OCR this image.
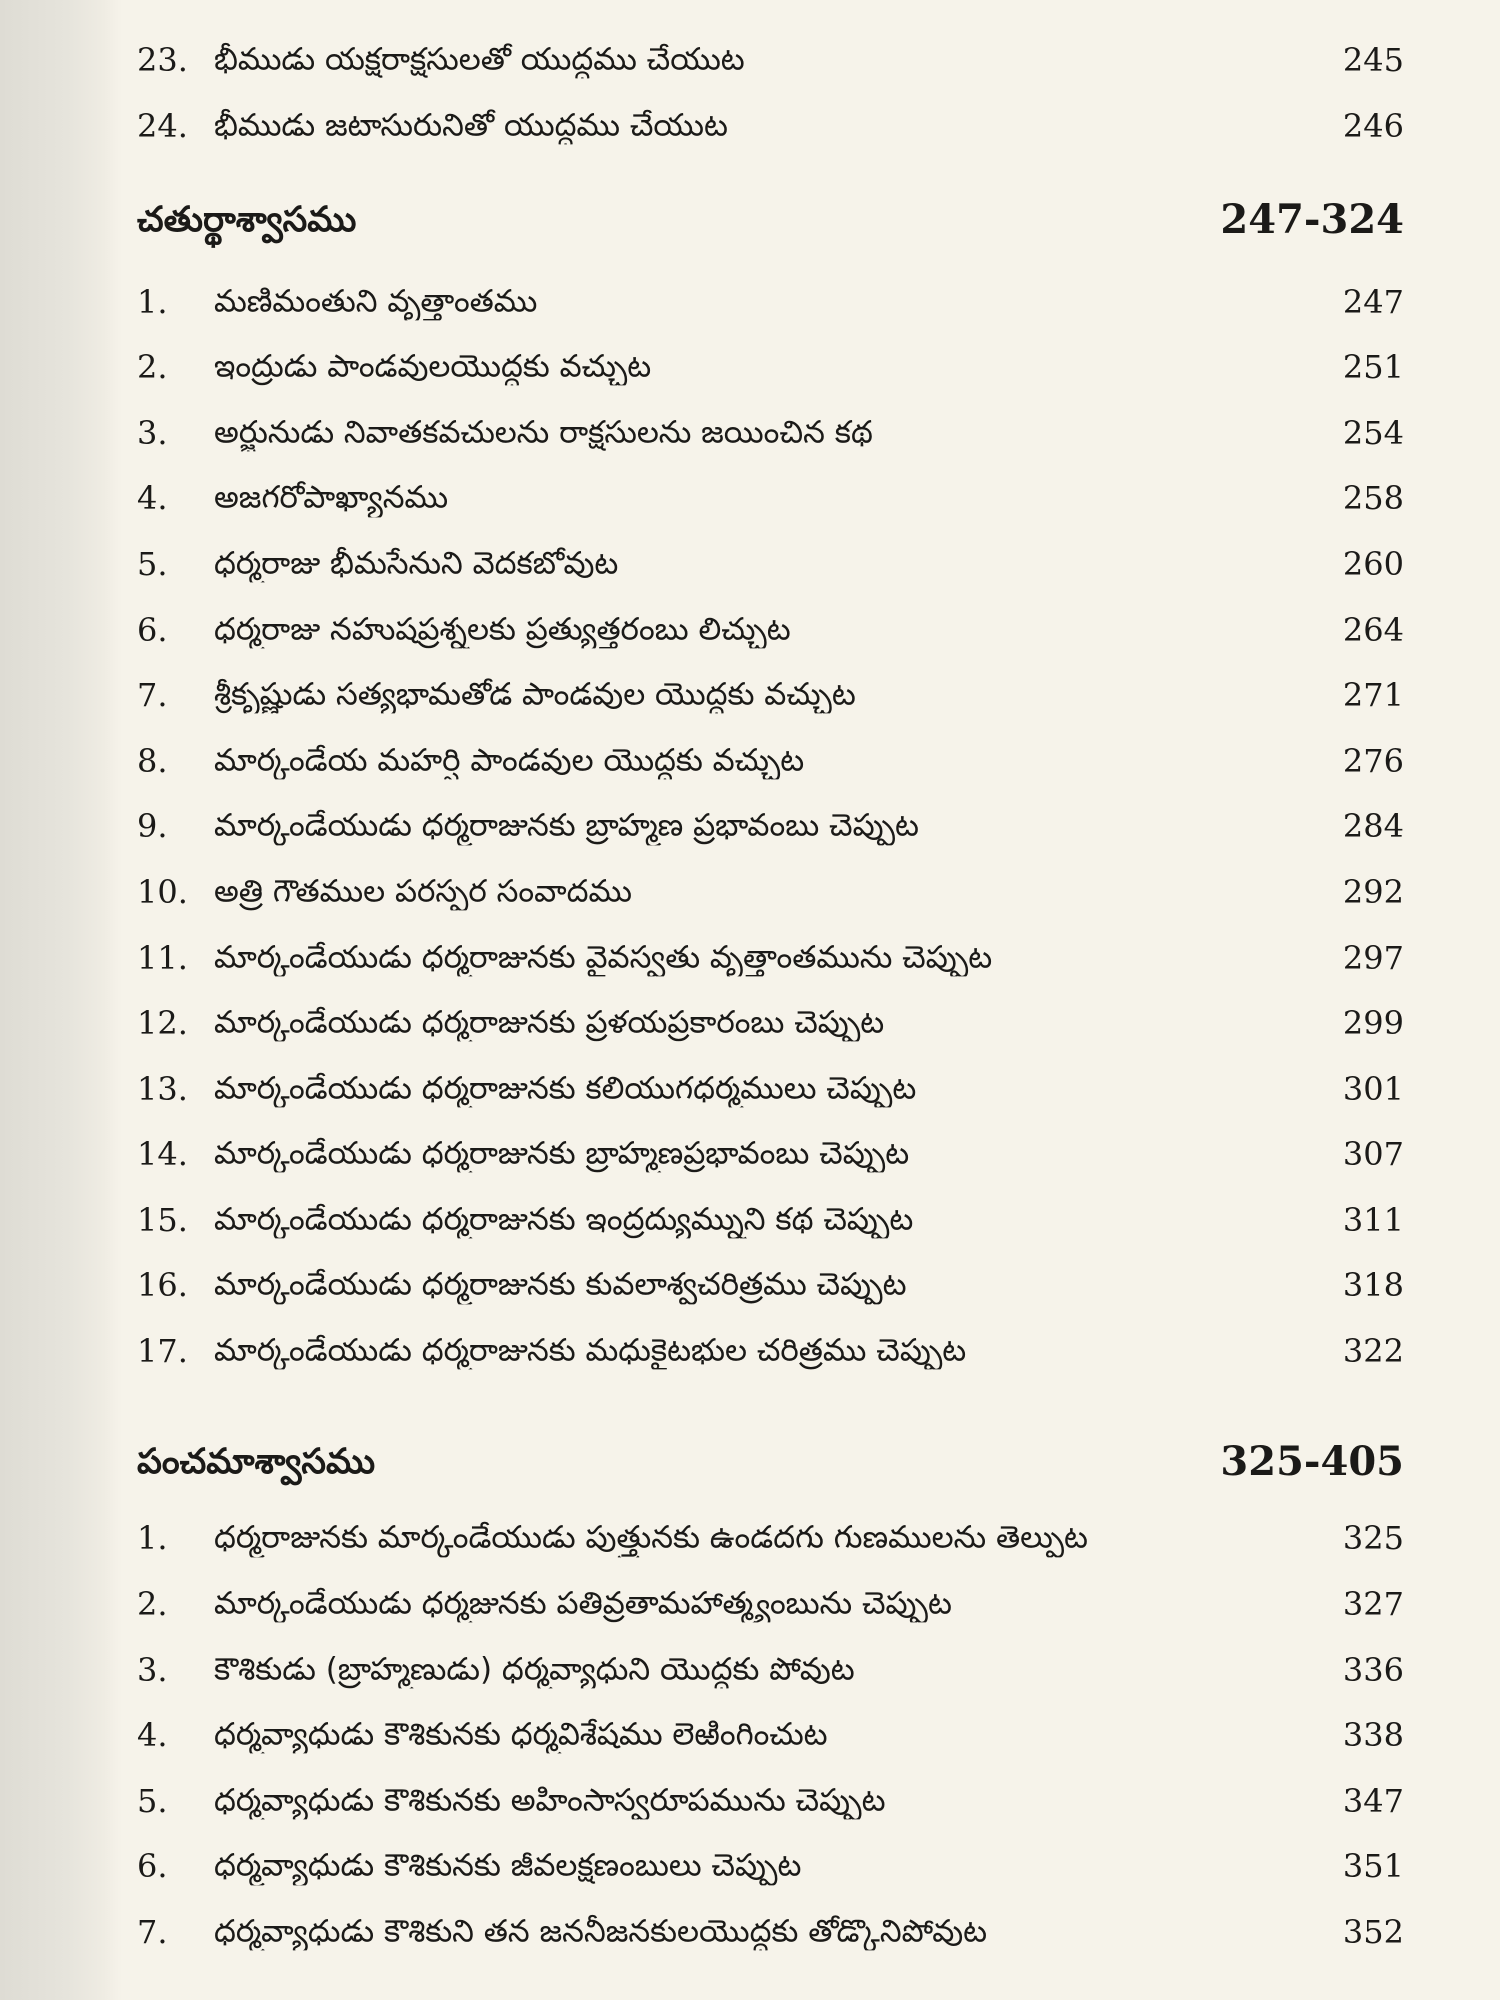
23. భీముడు యక్షరాక్షసులతో యుద్ధము చేయుట	245
24. భీముడు జటాసురునితో యుద్ధము చేయుట	246
చతుర్థాశ్వాసము	247-324
1. మణిమంతుని వృత్తాంతము	247
2. ఇంద్రుడు పాండవులయొద్దకు వచ్చుట	251
3. అర్జునుడు నివాతకవచులను రాక్షసులను జయించిన కథ	254
4. అజగరోపాఖ్యానము	258
5. ధర్మరాజు భీమసేనుని వెదకబోవుట	260
6. ధర్మరాజు నహుషప్రశ్నలకు ప్రత్యుత్తరంబు లిచ్చుట	264
7. శ్రీకృష్ణుడు సత్యభామతోడ పాండవుల యొద్దకు వచ్చుట	271
8. మార్కండేయ మహర్షి పాండవుల యొద్దకు వచ్చుట	276
9. మార్కండేయుడు ధర్మరాజునకు బ్రాహ్మణ ప్రభావంబు చెప్పుట	284
10. అత్రి గౌతముల పరస్పర సంవాదము	292
11. మార్కండేయుడు ధర్మరాజునకు వైవస్వతు వృత్తాంతమును చెప్పుట	297
12. మార్కండేయుడు ధర్మరాజునకు ప్రళయప్రకారంబు చెప్పుట	299
13. మార్కండేయుడు ధర్మరాజునకు కలియుగధర్మములు చెప్పుట	301
14. మార్కండేయుడు ధర్మరాజునకు బ్రాహ్మణప్రభావంబు చెప్పుట	307
15. మార్కండేయుడు ధర్మరాజునకు ఇంద్రద్యుమ్నుని కథ చెప్పుట	311
16. మార్కండేయుడు ధర్మరాజునకు కువలాశ్వచరిత్రము చెప్పుట	318
17. మార్కండేయుడు ధర్మరాజునకు మధుకైటభుల చరిత్రము చెప్పుట	322
పంచమాశ్వాసము	325-405
1. ధర్మరాజునకు మార్కండేయుడు పుత్త్రునకు ఉండదగు గుణములను తెల్పుట	325
2. మార్కండేయుడు ధర్మజునకు పతివ్రతామహాత్మ్యంబును చెప్పుట	327
3. కౌశికుడు (బ్రాహ్మణుడు) ధర్మవ్యాధుని యొద్దకు పోవుట	336
4. ధర్మవ్యాధుడు కౌశికునకు ధర్మవిశేషము లెఱింగించుట	338
5. ధర్మవ్యాధుడు కౌశికునకు అహింసాస్వరూపమును చెప్పుట	347
6. ధర్మవ్యాధుడు కౌశికునకు జీవలక్షణంబులు చెప్పుట	351
7. ధర్మవ్యాధుడు కౌశికుని తన జననీజనకులయొద్దకు తోడ్కొనిపోవుట	352
